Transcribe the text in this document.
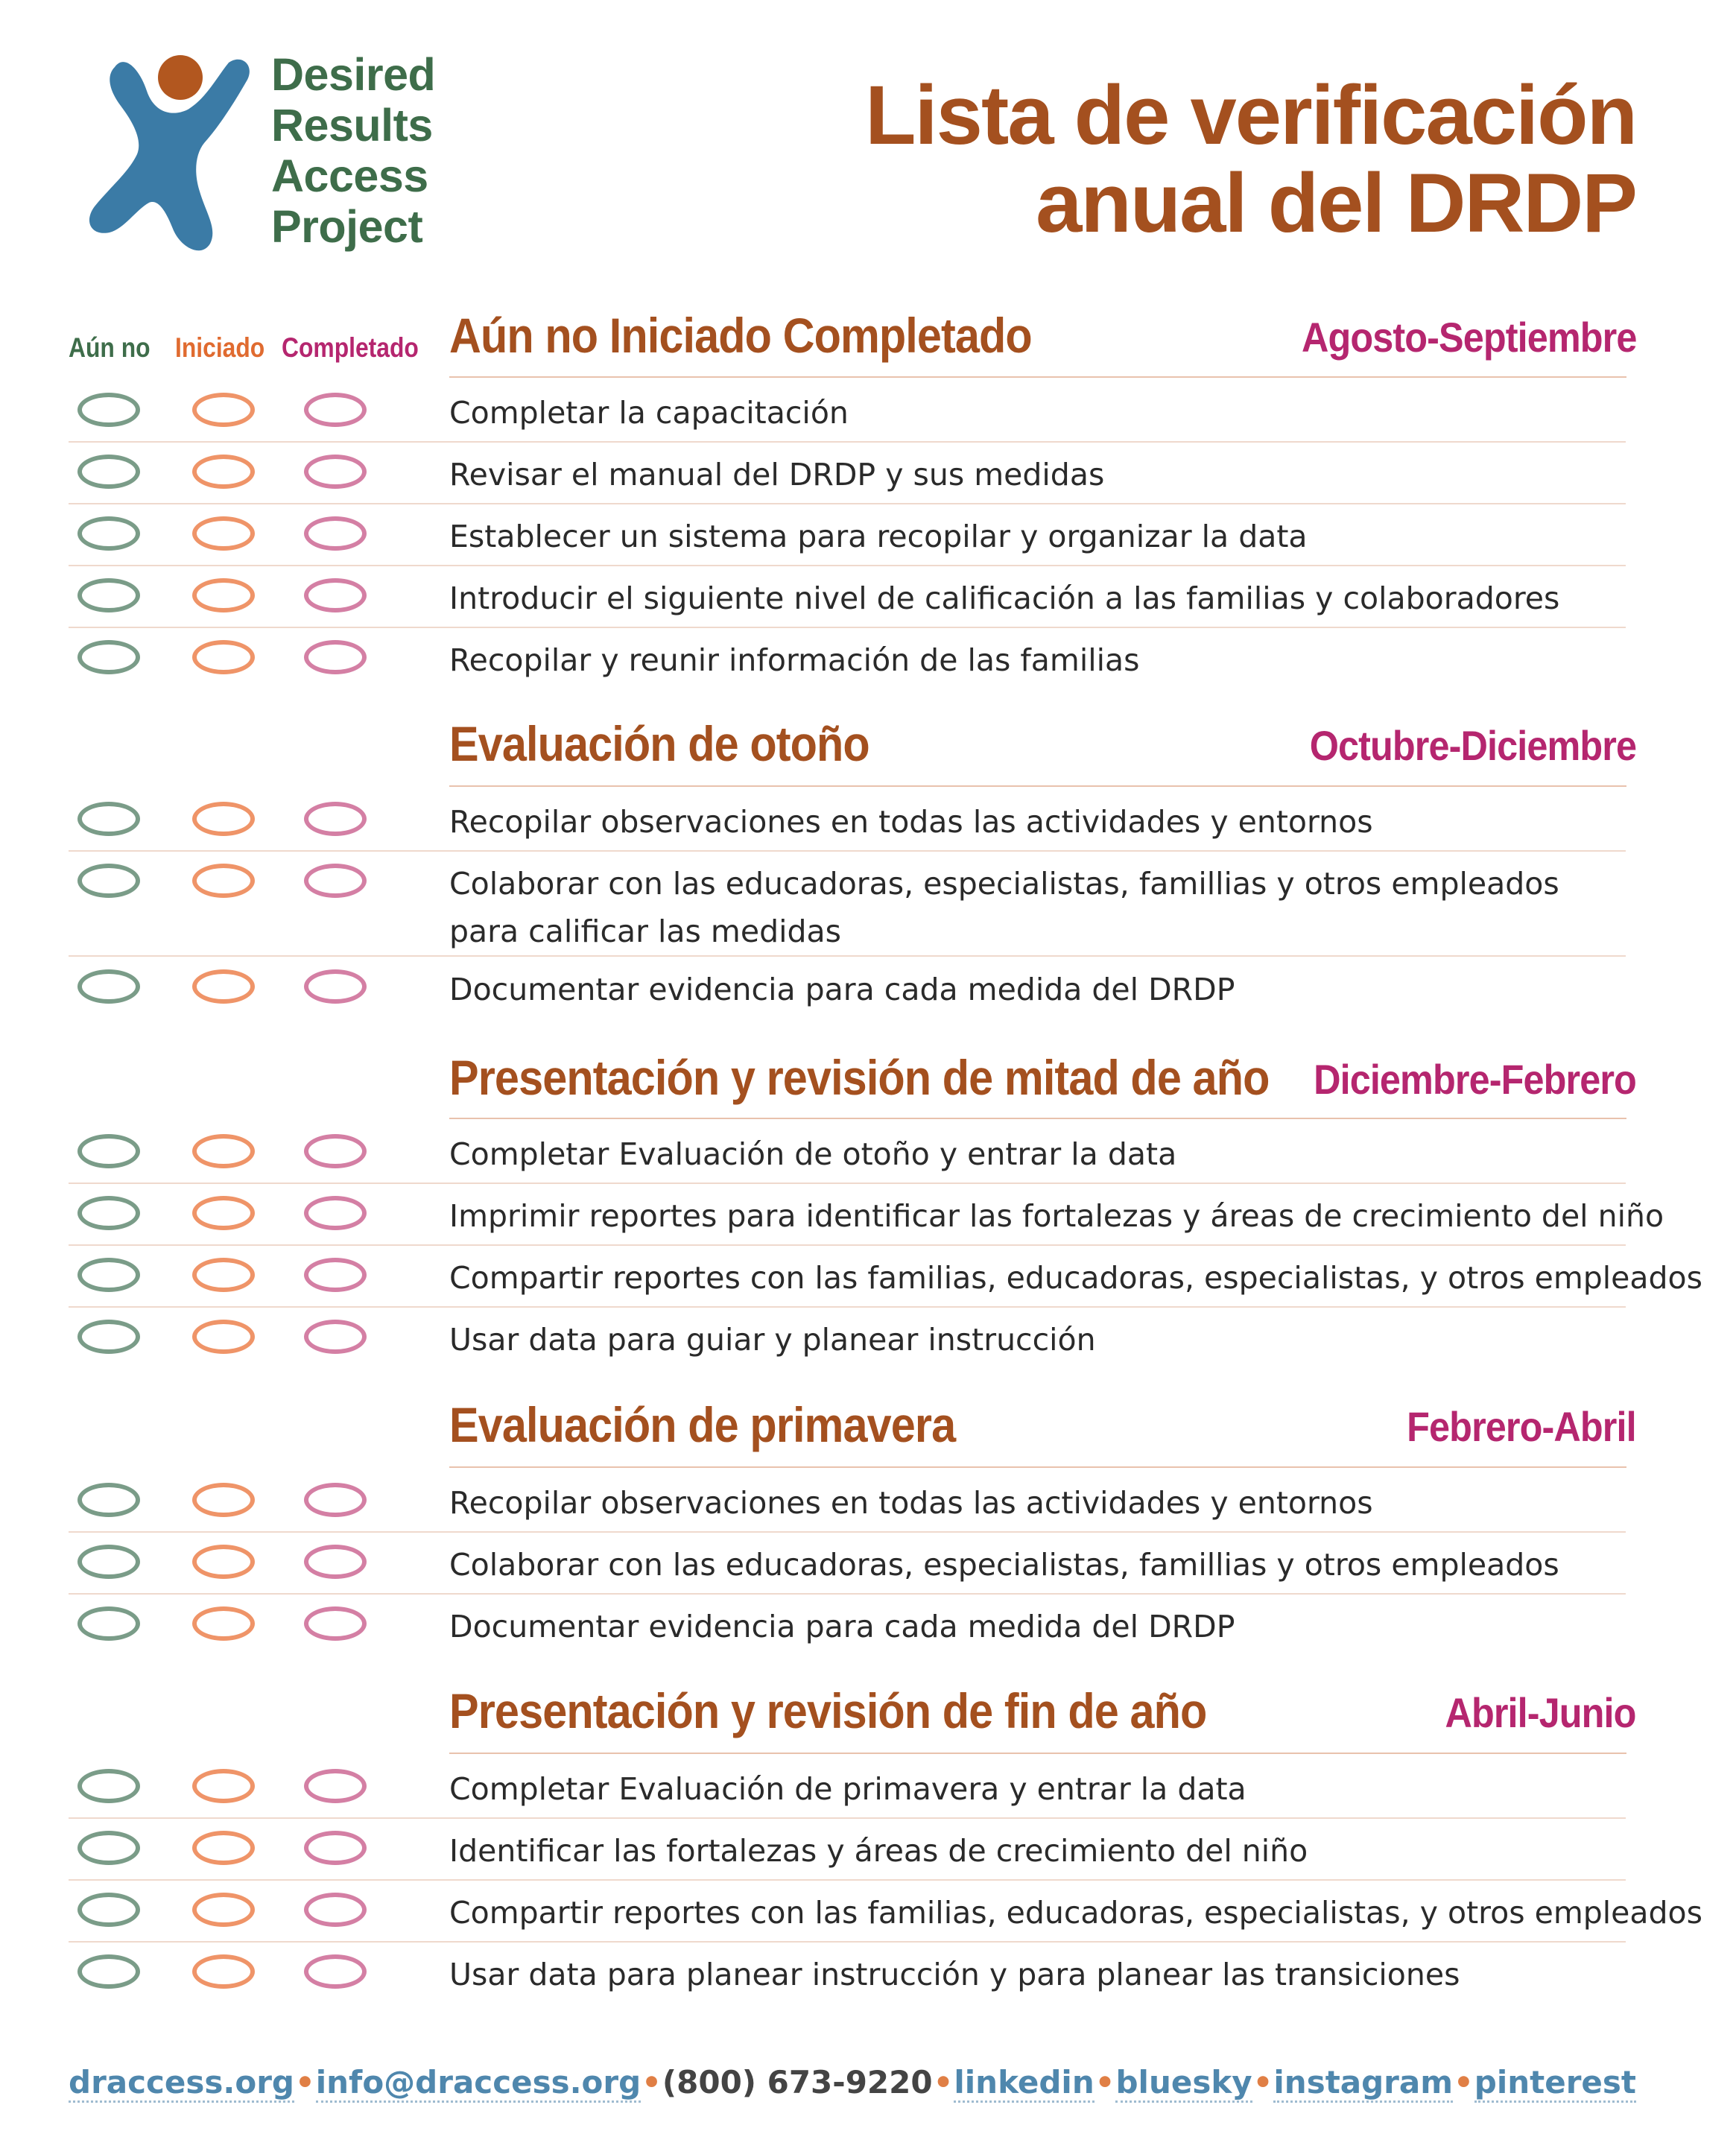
Desired
Results
Access
Project
Lista de verificación
anual del DRDP
Aún no Iniciado Completado Aún no Iniciado Completado	Agosto-Septiembre
Completar la capacitación
Revisar el manual del DRDP y sus medidas
Establecer un sistema para recopilar y organizar la data
Introducir el siguiente nivel de calificación a las familias y colaboradores
Recopilar y reunir información de las familias
Evaluación de otoño	Octubre-Diciembre
Recopilar observaciones en todas las actividades y entornos
Colaborar con las educadoras, especialistas, famillias y otros empleados para calificar las medidas
Documentar evidencia para cada medida del DRDP
Presentación y revisión de mitad de año Diciembre-Febrero
Completar Evaluación de otoño y entrar la data
Imprimir reportes para identificar las fortalezas y áreas de crecimiento del niño
Compartir reportes con las familias, educadoras, especialistas, y otros empleados
Usar data para guiar y planear instrucción
Evaluación de primavera	Febrero-Abril
Recopilar observaciones en todas las actividades y entornos
Colaborar con las educadoras, especialistas, famillias y otros empleados
Documentar evidencia para cada medida del DRDP
Presentación y revisión de fin de año	Abril-Junio
Completar Evaluación de primavera y entrar la data
Identificar las fortalezas y áreas de crecimiento del niño
Compartir reportes con las familias, educadoras, especialistas, y otros empleados
Usar data para planear instrucción y para planear las transiciones
draccess.org • info@draccess.org • (800) 673-9220 • linkedin • bluesky • instagram • pinterest
